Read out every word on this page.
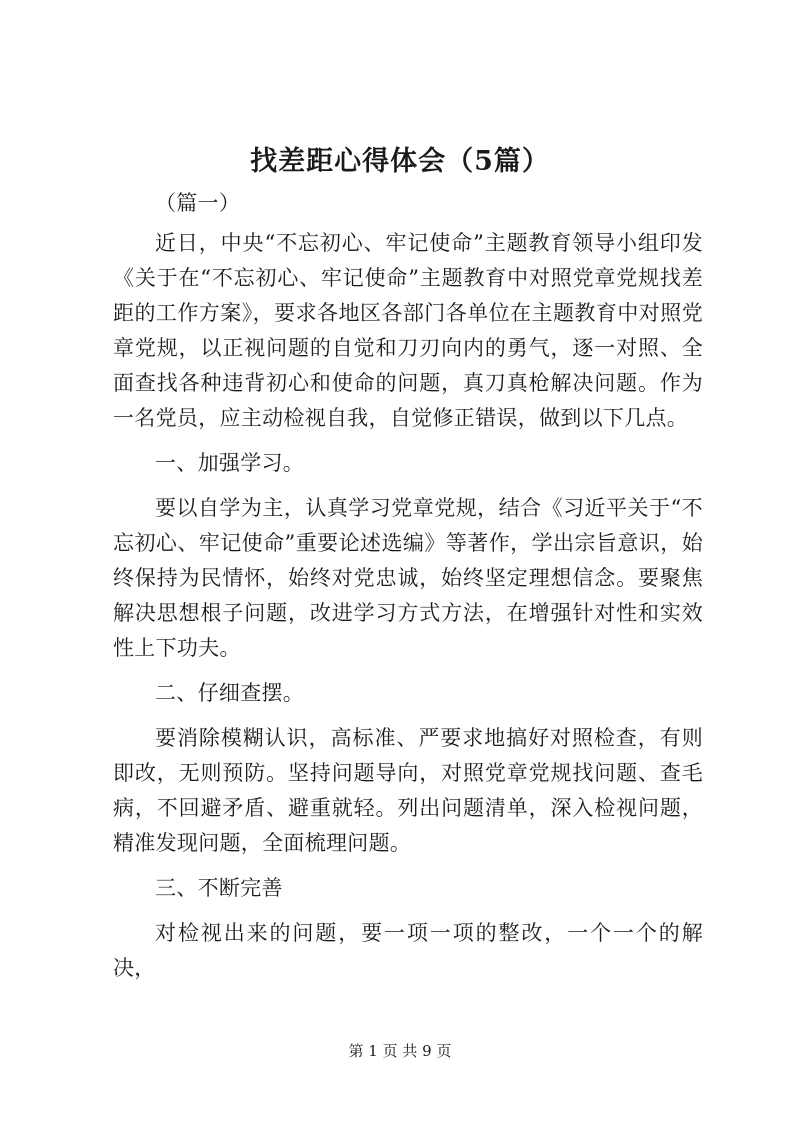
找差距心得体会（5篇）

（篇一）

近日，中央“不忘初心、牢记使命”主题教育领导小组印发《关于在“不忘初心、牢记使命”主题教育中对照党章党规找差距的工作方案》，要求各地区各部门各单位在主题教育中对照党章党规，以正视问题的自觉和刀刃向内的勇气，逐一对照、全面查找各种违背初心和使命的问题，真刀真枪解决问题。作为一名党员，应主动检视自我，自觉修正错误，做到以下几点。

一、加强学习。

要以自学为主，认真学习党章党规，结合《习近平关于“不忘初心、牢记使命”重要论述选编》等著作，学出宗旨意识，始终保持为民情怀，始终对党忠诚，始终坚定理想信念。要聚焦解决思想根子问题，改进学习方式方法，在增强针对性和实效性上下功夫。

二、仔细查摆。

要消除模糊认识，高标准、严要求地搞好对照检查，有则即改，无则预防。坚持问题导向，对照党章党规找问题、查毛病，不回避矛盾、避重就轻。列出问题清单，深入检视问题，精准发现问题，全面梳理问题。

三、不断完善

对检视出来的问题，要一项一项的整改，一个一个的解决，

第 1 页 共 9 页
